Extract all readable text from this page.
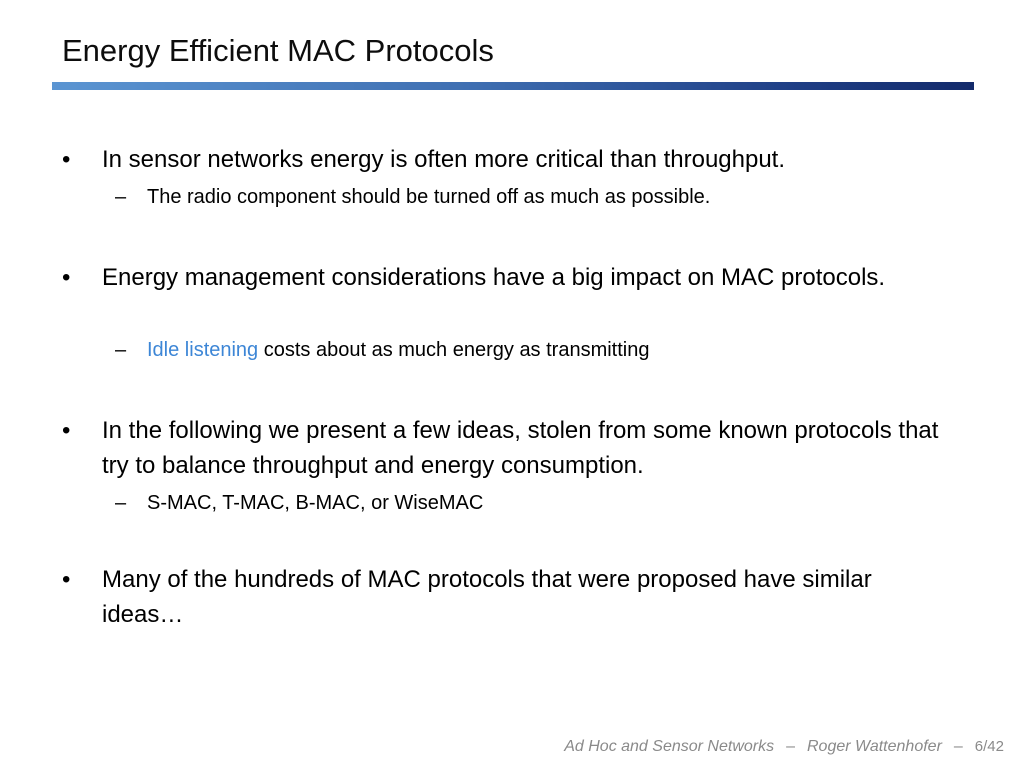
Energy Efficient MAC Protocols
• In sensor networks energy is often more critical than throughput.
– The radio component should be turned off as much as possible.
• Energy management considerations have a big impact on MAC protocols.
– Idle listening costs about as much energy as transmitting
• In the following we present a few ideas, stolen from some known protocols that try to balance throughput and energy consumption.
– S-MAC, T-MAC, B-MAC, or WiseMAC
• Many of the hundreds of MAC protocols that were proposed have similar ideas…
Ad Hoc and Sensor Networks – Roger Wattenhofer – 6/42
